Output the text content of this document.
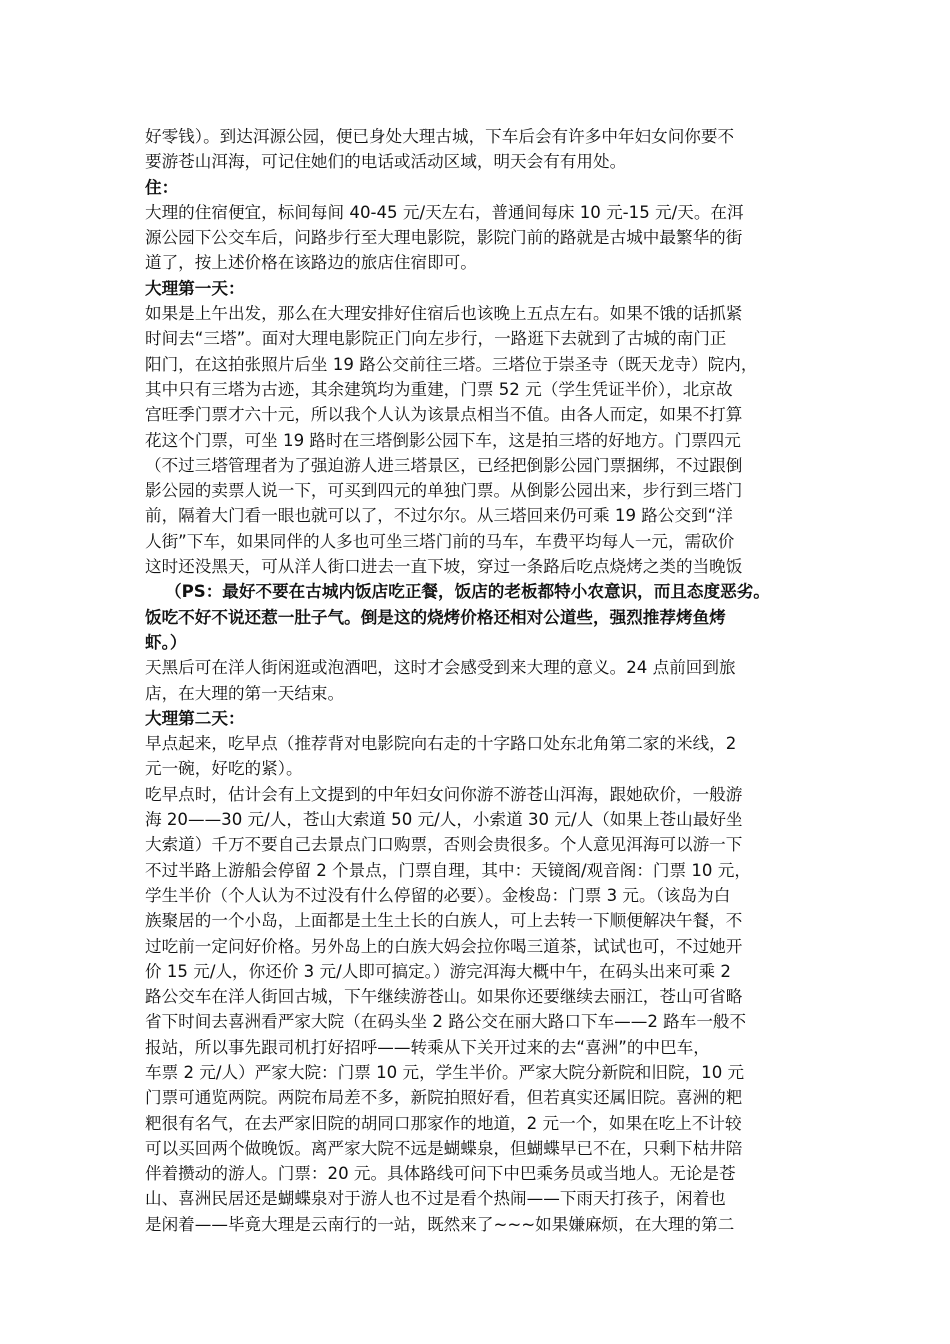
好零钱）。到达洱源公园，便已身处大理古城，下车后会有许多中年妇女问你要不

要游苍山洱海，可记住她们的电话或活动区域，明天会有有用处。

住：

大理的住宿便宜，标间每间 40-45 元/天左右，普通间每床 10 元-15 元/天。在洱

源公园下公交车后，问路步行至大理电影院，影院门前的路就是古城中最繁华的街

道了，按上述价格在该路边的旅店住宿即可。

大理第一天：

如果是上午出发，那么在大理安排好住宿后也该晚上五点左右。如果不饿的话抓紧

时间去“三塔”。面对大理电影院正门向左步行，一路逛下去就到了古城的南门正

阳门，在这拍张照片后坐 19 路公交前往三塔。三塔位于崇圣寺（既天龙寺）院内，

其中只有三塔为古迹，其余建筑均为重建，门票 52 元（学生凭证半价），北京故

宫旺季门票才六十元，所以我个人认为该景点相当不值。由各人而定，如果不打算

花这个门票，可坐 19 路时在三塔倒影公园下车，这是拍三塔的好地方。门票四元

（不过三塔管理者为了强迫游人进三塔景区，已经把倒影公园门票捆绑，不过跟倒

影公园的卖票人说一下，可买到四元的单独门票。从倒影公园出来，步行到三塔门

前，隔着大门看一眼也就可以了，不过尔尔。从三塔回来仍可乘 19 路公交到“洋

人街”下车，如果同伴的人多也可坐三塔门前的马车，车费平均每人一元，需砍价

这时还没黑天，可从洋人街口进去一直下坡，穿过一条路后吃点烧烤之类的当晚饭

（PS：最好不要在古城内饭店吃正餐，饭店的老板都特小农意识，而且态度恶劣。

饭吃不好不说还惹一肚子气。倒是这的烧烤价格还相对公道些，强烈推荐烤鱼烤

虾。）

天黑后可在洋人街闲逛或泡酒吧，这时才会感受到来大理的意义。24 点前回到旅

店，在大理的第一天结束。

大理第二天：

早点起来，吃早点（推荐背对电影院向右走的十字路口处东北角第二家的米线，2

元一碗，好吃的紧）。

吃早点时，估计会有上文提到的中年妇女问你游不游苍山洱海，跟她砍价，一般游

海 20——30 元/人，苍山大索道 50 元/人，小索道 30 元/人（如果上苍山最好坐

大索道）千万不要自己去景点门口购票，否则会贵很多。个人意见洱海可以游一下

不过半路上游船会停留 2 个景点，门票自理，其中：天镜阁/观音阁：门票 10 元，

学生半价（个人认为不过没有什么停留的必要）。金梭岛：门票 3 元。（该岛为白

族聚居的一个小岛，上面都是土生土长的白族人，可上去转一下顺便解决午餐，不

过吃前一定问好价格。另外岛上的白族大妈会拉你喝三道茶，试试也可，不过她开

价 15 元/人，你还价 3 元/人即可搞定。）游完洱海大概中午，在码头出来可乘 2

路公交车在洋人街回古城，下午继续游苍山。如果你还要继续去丽江，苍山可省略

省下时间去喜洲看严家大院（在码头坐 2 路公交在丽大路口下车——2 路车一般不

报站，所以事先跟司机打好招呼——转乘从下关开过来的去“喜洲”的中巴车，

车票 2 元/人）严家大院：门票 10 元，学生半价。严家大院分新院和旧院，10 元

门票可通览两院。两院布局差不多，新院拍照好看，但若真实还属旧院。喜洲的粑

粑很有名气，在去严家旧院的胡同口那家作的地道，2 元一个，如果在吃上不计较

可以买回两个做晚饭。离严家大院不远是蝴蝶泉，但蝴蝶早已不在，只剩下枯井陪

伴着攒动的游人。门票：20 元。具体路线可问下中巴乘务员或当地人。无论是苍

山、喜洲民居还是蝴蝶泉对于游人也不过是看个热闹——下雨天打孩子，闲着也

是闲着——毕竟大理是云南行的一站，既然来了~~~如果嫌麻烦，在大理的第二
